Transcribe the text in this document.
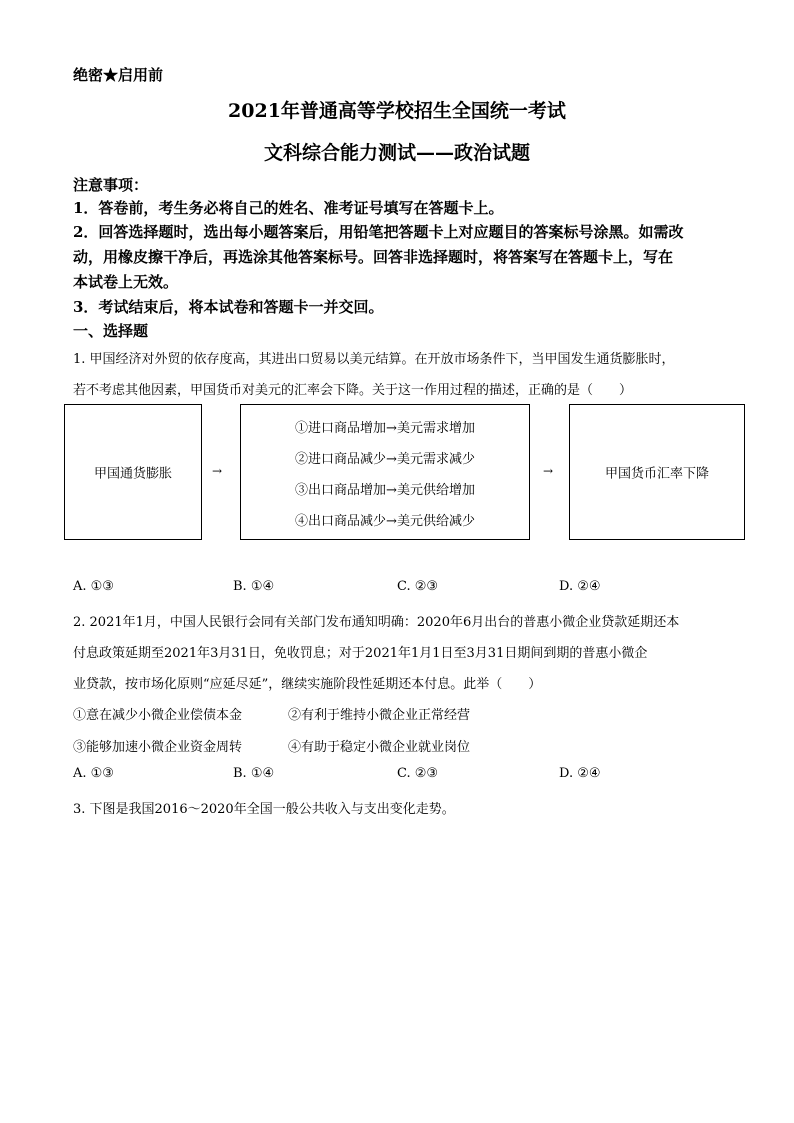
绝密★启用前
2021年普通高等学校招生全国统一考试
文科综合能力测试——政治试题
注意事项：
1．答卷前，考生务必将自己的姓名、准考证号填写在答题卡上。
2．回答选择题时，选出每小题答案后，用铅笔把答题卡上对应题目的答案标号涂黑。如需改
动，用橡皮擦干净后，再选涂其他答案标号。回答非选择题时，将答案写在答题卡上，写在
本试卷上无效。
3．考试结束后，将本试卷和答题卡一并交回。
一、选择题
1. 甲国经济对外贸的依存度高，其进出口贸易以美元结算。在开放市场条件下，当甲国发生通货膨胀时，
若不考虑其他因素，甲国货币对美元的汇率会下降。关于这一作用过程的描述，正确的是（　　）
甲国通货膨胀	→
①进口商品增加→美元需求增加
②进口商品减少→美元需求减少
③出口商品增加→美元供给增加
④出口商品减少→美元供给减少
→	甲国货币汇率下降
A. ①③	B. ①④	C. ②③	D. ②④
2. 2021年1月，中国人民银行会同有关部门发布通知明确：2020年6月出台的普惠小微企业贷款延期还本
付息政策延期至2021年3月31日，免收罚息；对于2021年1月1日至3月31日期间到期的普惠小微企
业贷款，按市场化原则“应延尽延”，继续实施阶段性延期还本付息。此举（　　）
①意在减少小微企业偿债本金	②有利于维持小微企业正常经营
③能够加速小微企业资金周转	④有助于稳定小微企业就业岗位
A. ①③	B. ①④	C. ②③	D. ②④
3. 下图是我国2016～2020年全国一般公共收入与支出变化走势。
